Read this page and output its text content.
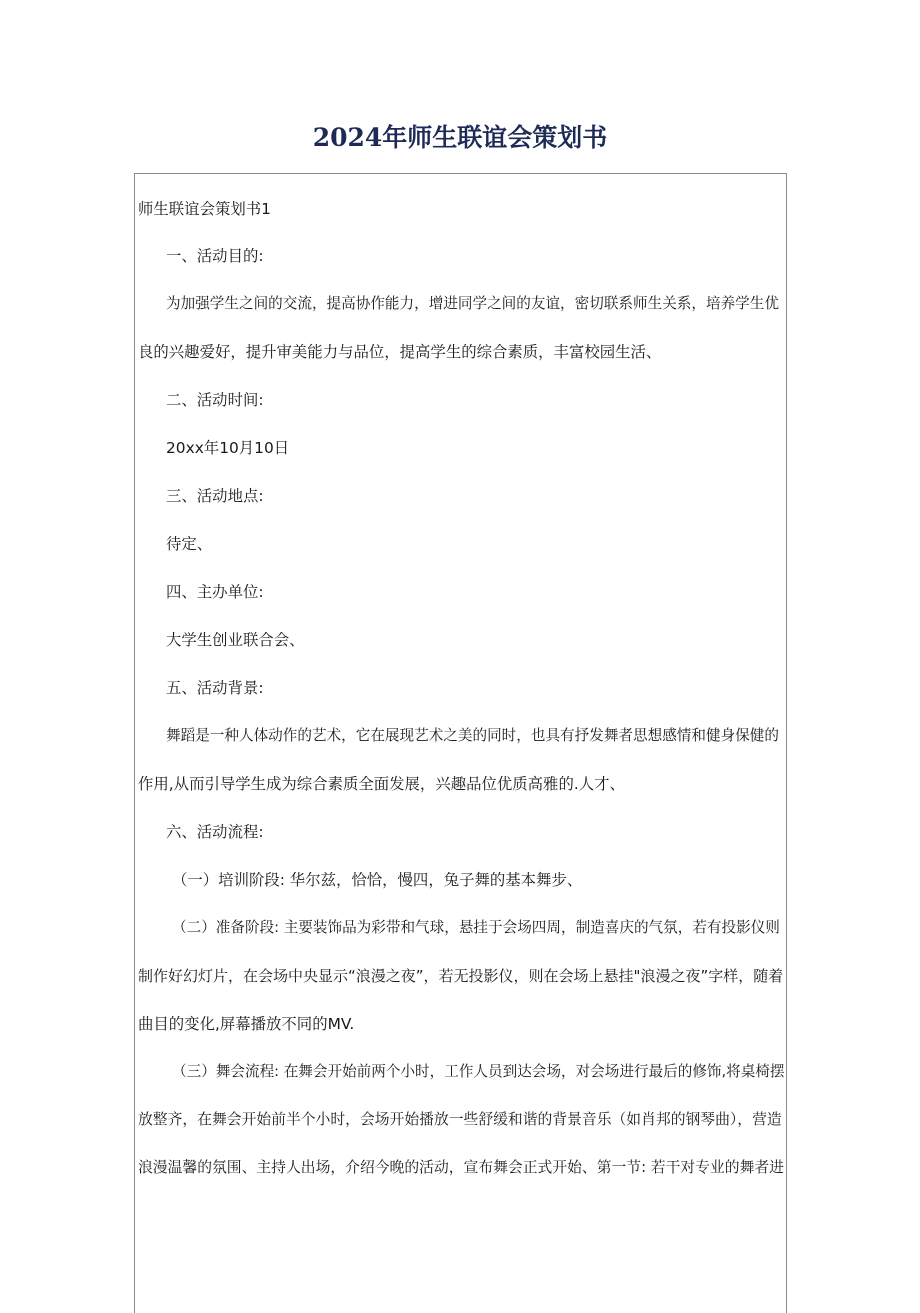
2024年师生联谊会策划书

师生联谊会策划书1

一、活动目的:

为加强学生之间的交流，提高协作能力，增进同学之间的友谊，密切联系师生关系，培养学生优

良的兴趣爱好，提升审美能力与品位，提高学生的综合素质，丰富校园生活、

二、活动时间:

20xx年10月10日

三、活动地点:

待定、

四、主办单位:

大学生创业联合会、

五、活动背景:

舞蹈是一种人体动作的艺术，它在展现艺术之美的同时，也具有抒发舞者思想感情和健身保健的

作用,从而引导学生成为综合素质全面发展，兴趣品位优质高雅的.人才、

六、活动流程:

（一）培训阶段: 华尔兹，恰恰，慢四，兔子舞的基本舞步、

（二）准备阶段: 主要装饰品为彩带和气球，悬挂于会场四周，制造喜庆的气氛，若有投影仪则

制作好幻灯片，在会场中央显示“浪漫之夜”，若无投影仪，则在会场上悬挂"浪漫之夜”字样，随着

曲目的变化,屏幕播放不同的MV.

（三）舞会流程: 在舞会开始前两个小时，工作人员到达会场，对会场进行最后的修饰,将桌椅摆

放整齐，在舞会开始前半个小时，会场开始播放一些舒缓和谐的背景音乐（如肖邦的钢琴曲），营造

浪漫温馨的氛围、主持人出场，介绍今晚的活动，宣布舞会正式开始、第一节: 若干对专业的舞者进
